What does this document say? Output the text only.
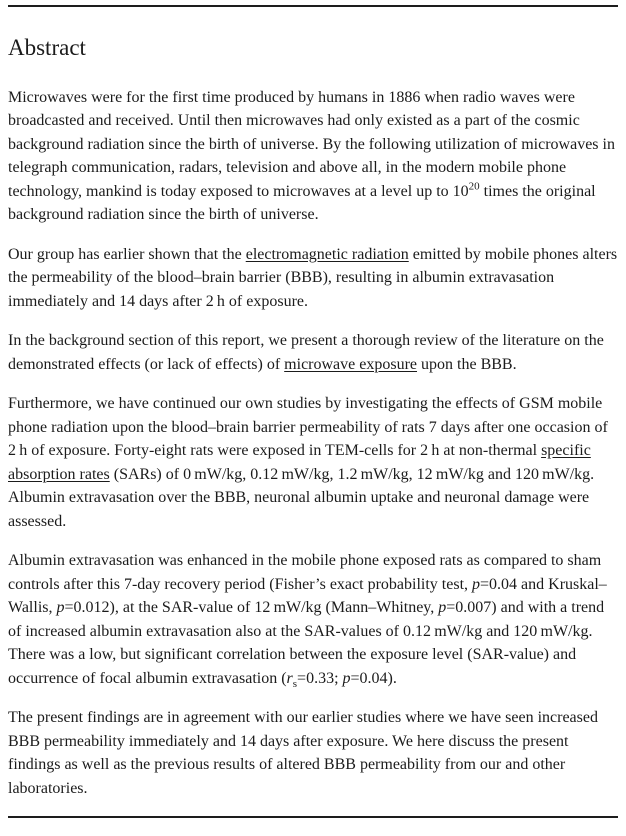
Abstract

Microwaves were for the first time produced by humans in 1886 when radio waves were broadcasted and received. Until then microwaves had only existed as a part of the cosmic background radiation since the birth of universe. By the following utilization of microwaves in telegraph communication, radars, television and above all, in the modern mobile phone technology, mankind is today exposed to microwaves at a level up to $10^{20}$ times the original background radiation since the birth of universe.

Our group has earlier shown that the electromagnetic radiation emitted by mobile phones alters the permeability of the blood–brain barrier (BBB), resulting in albumin extravasation immediately and 14 days after 2 h of exposure.

In the background section of this report, we present a thorough review of the literature on the demonstrated effects (or lack of effects) of microwave exposure upon the BBB.

Furthermore, we have continued our own studies by investigating the effects of GSM mobile phone radiation upon the blood–brain barrier permeability of rats 7 days after one occasion of 2 h of exposure. Forty-eight rats were exposed in TEM-cells for 2 h at non-thermal specific absorption rates (SARs) of 0 mW/kg, 0.12 mW/kg, 1.2 mW/kg, 12 mW/kg and 120 mW/kg. Albumin extravasation over the BBB, neuronal albumin uptake and neuronal damage were assessed.

Albumin extravasation was enhanced in the mobile phone exposed rats as compared to sham controls after this 7-day recovery period (Fisher’s exact probability test, p=0.04 and Kruskal–Wallis, p=0.012), at the SAR-value of 12 mW/kg (Mann–Whitney, p=0.007) and with a trend of increased albumin extravasation also at the SAR-values of 0.12 mW/kg and 120 mW/kg. There was a low, but significant correlation between the exposure level (SAR-value) and occurrence of focal albumin extravasation ($r_s=0.33$; p=0.04).

The present findings are in agreement with our earlier studies where we have seen increased BBB permeability immediately and 14 days after exposure. We here discuss the present findings as well as the previous results of altered BBB permeability from our and other laboratories.
